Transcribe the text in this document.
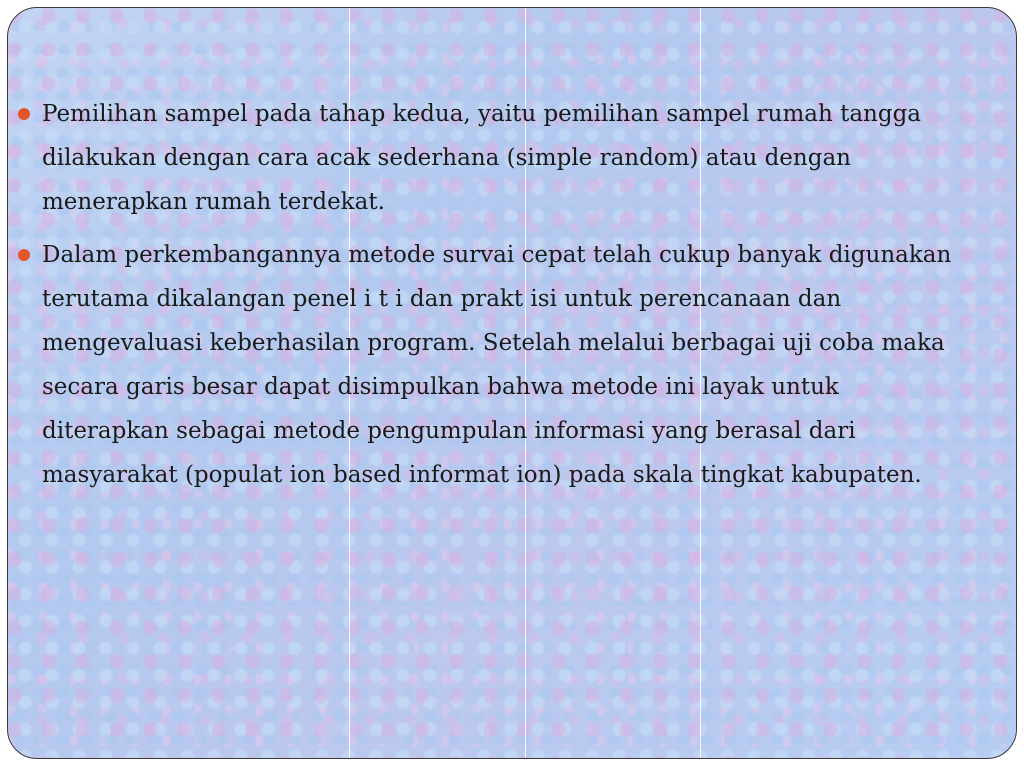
Pemilihan sampel pada tahap kedua, yaitu pemilihan sampel rumah tangga dilakukan dengan cara acak sederhana (simple random) atau dengan menerapkan rumah terdekat.
Dalam perkembangannya metode survai cepat telah cukup banyak digunakan terutama dikalangan penel i t i dan prakt isi untuk perencanaan dan mengevaluasi keberhasilan program. Setelah melalui berbagai uji coba maka secara garis besar dapat disimpulkan bahwa metode ini layak untuk diterapkan sebagai metode pengumpulan informasi yang berasal dari masyarakat (populat ion based informat ion) pada skala tingkat kabupaten.
